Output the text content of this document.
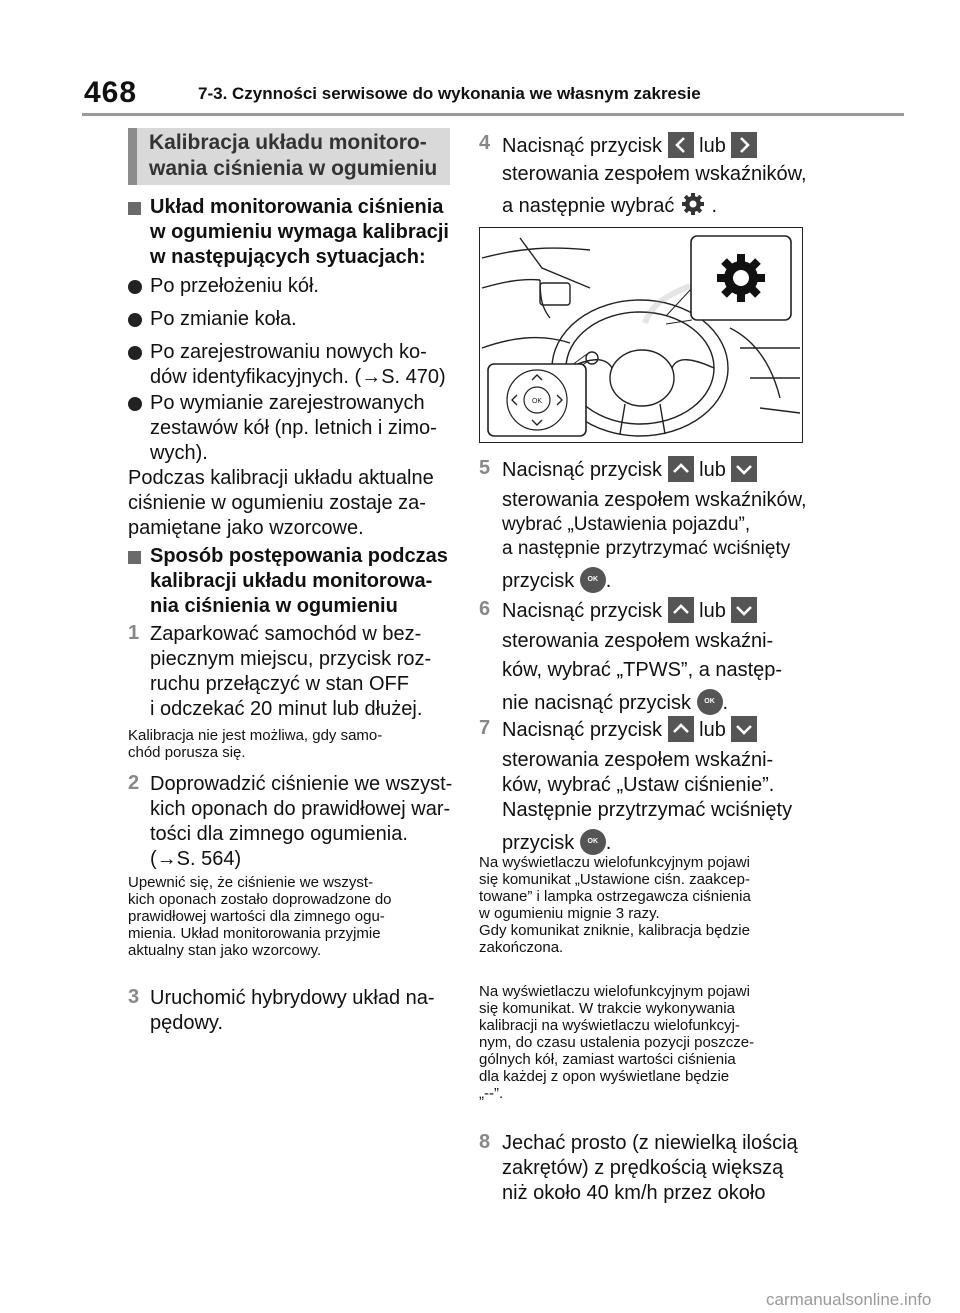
468	7-3. Czynności serwisowe do wykonania we własnym zakresie
Kalibracja układu monitoro-
wania ciśnienia w ogumieniu
Układ monitorowania ciśnienia
w ogumieniu wymaga kalibracji
w następujących sytuacjach:
Po przełożeniu kół.
Po zmianie koła.
Po zarejestrowaniu nowych ko-
dów identyfikacyjnych. (→S. 470)
Po wymianie zarejestrowanych
zestawów kół (np. letnich i zimo-
wych).
Podczas kalibracji układu aktualne
ciśnienie w ogumieniu zostaje za-
pamiętane jako wzorcowe.
Sposób postępowania podczas
kalibracji układu monitorowa-
nia ciśnienia w ogumieniu
1 Zaparkować samochód w bez-
piecznym miejscu, przycisk roz-
ruchu przełączyć w stan OFF
i odczekać 20 minut lub dłużej.
Kalibracja nie jest możliwa, gdy samo-
chód porusza się.
2 Doprowadzić ciśnienie we wszyst-
kich oponach do prawidłowej war-
tości dla zimnego ogumienia.
(→S. 564)
Upewnić się, że ciśnienie we wszyst-
kich oponach zostało doprowadzone do
prawidłowej wartości dla zimnego ogu-
mienia. Układ monitorowania przyjmie
aktualny stan jako wzorcowy.
3 Uruchomić hybrydowy układ na-
pędowy.
4 Nacisnąć przycisk lub
sterowania zespołem wskaźników,
a następnie wybrać .
OK
5 Nacisnąć przycisk lub
sterowania zespołem wskaźników,
wybrać „Ustawienia pojazdu”,
a następnie przytrzymać wciśnięty
przycisk OK .
6 Nacisnąć przycisk lub
sterowania zespołem wskaźni-
ków, wybrać „TPWS”, a następ-
nie nacisnąć przycisk OK .
7 Nacisnąć przycisk lub
sterowania zespołem wskaźni-
ków, wybrać „Ustaw ciśnienie”.
Następnie przytrzymać wciśnięty
przycisk OK .
Na wyświetlaczu wielofunkcyjnym pojawi
się komunikat „Ustawione ciśn. zaakcep-
towane” i lampka ostrzegawcza ciśnienia
w ogumieniu mignie 3 razy.
Gdy komunikat zniknie, kalibracja będzie
zakończona.
Na wyświetlaczu wielofunkcyjnym pojawi
się komunikat. W trakcie wykonywania
kalibracji na wyświetlaczu wielofunkcyj-
nym, do czasu ustalenia pozycji poszcze-
gólnych kół, zamiast wartości ciśnienia
dla każdej z opon wyświetlane będzie
„--”.
8 Jechać prosto (z niewielką ilością
zakrętów) z prędkością większą
niż około 40 km/h przez około
carmanualsonline.info
